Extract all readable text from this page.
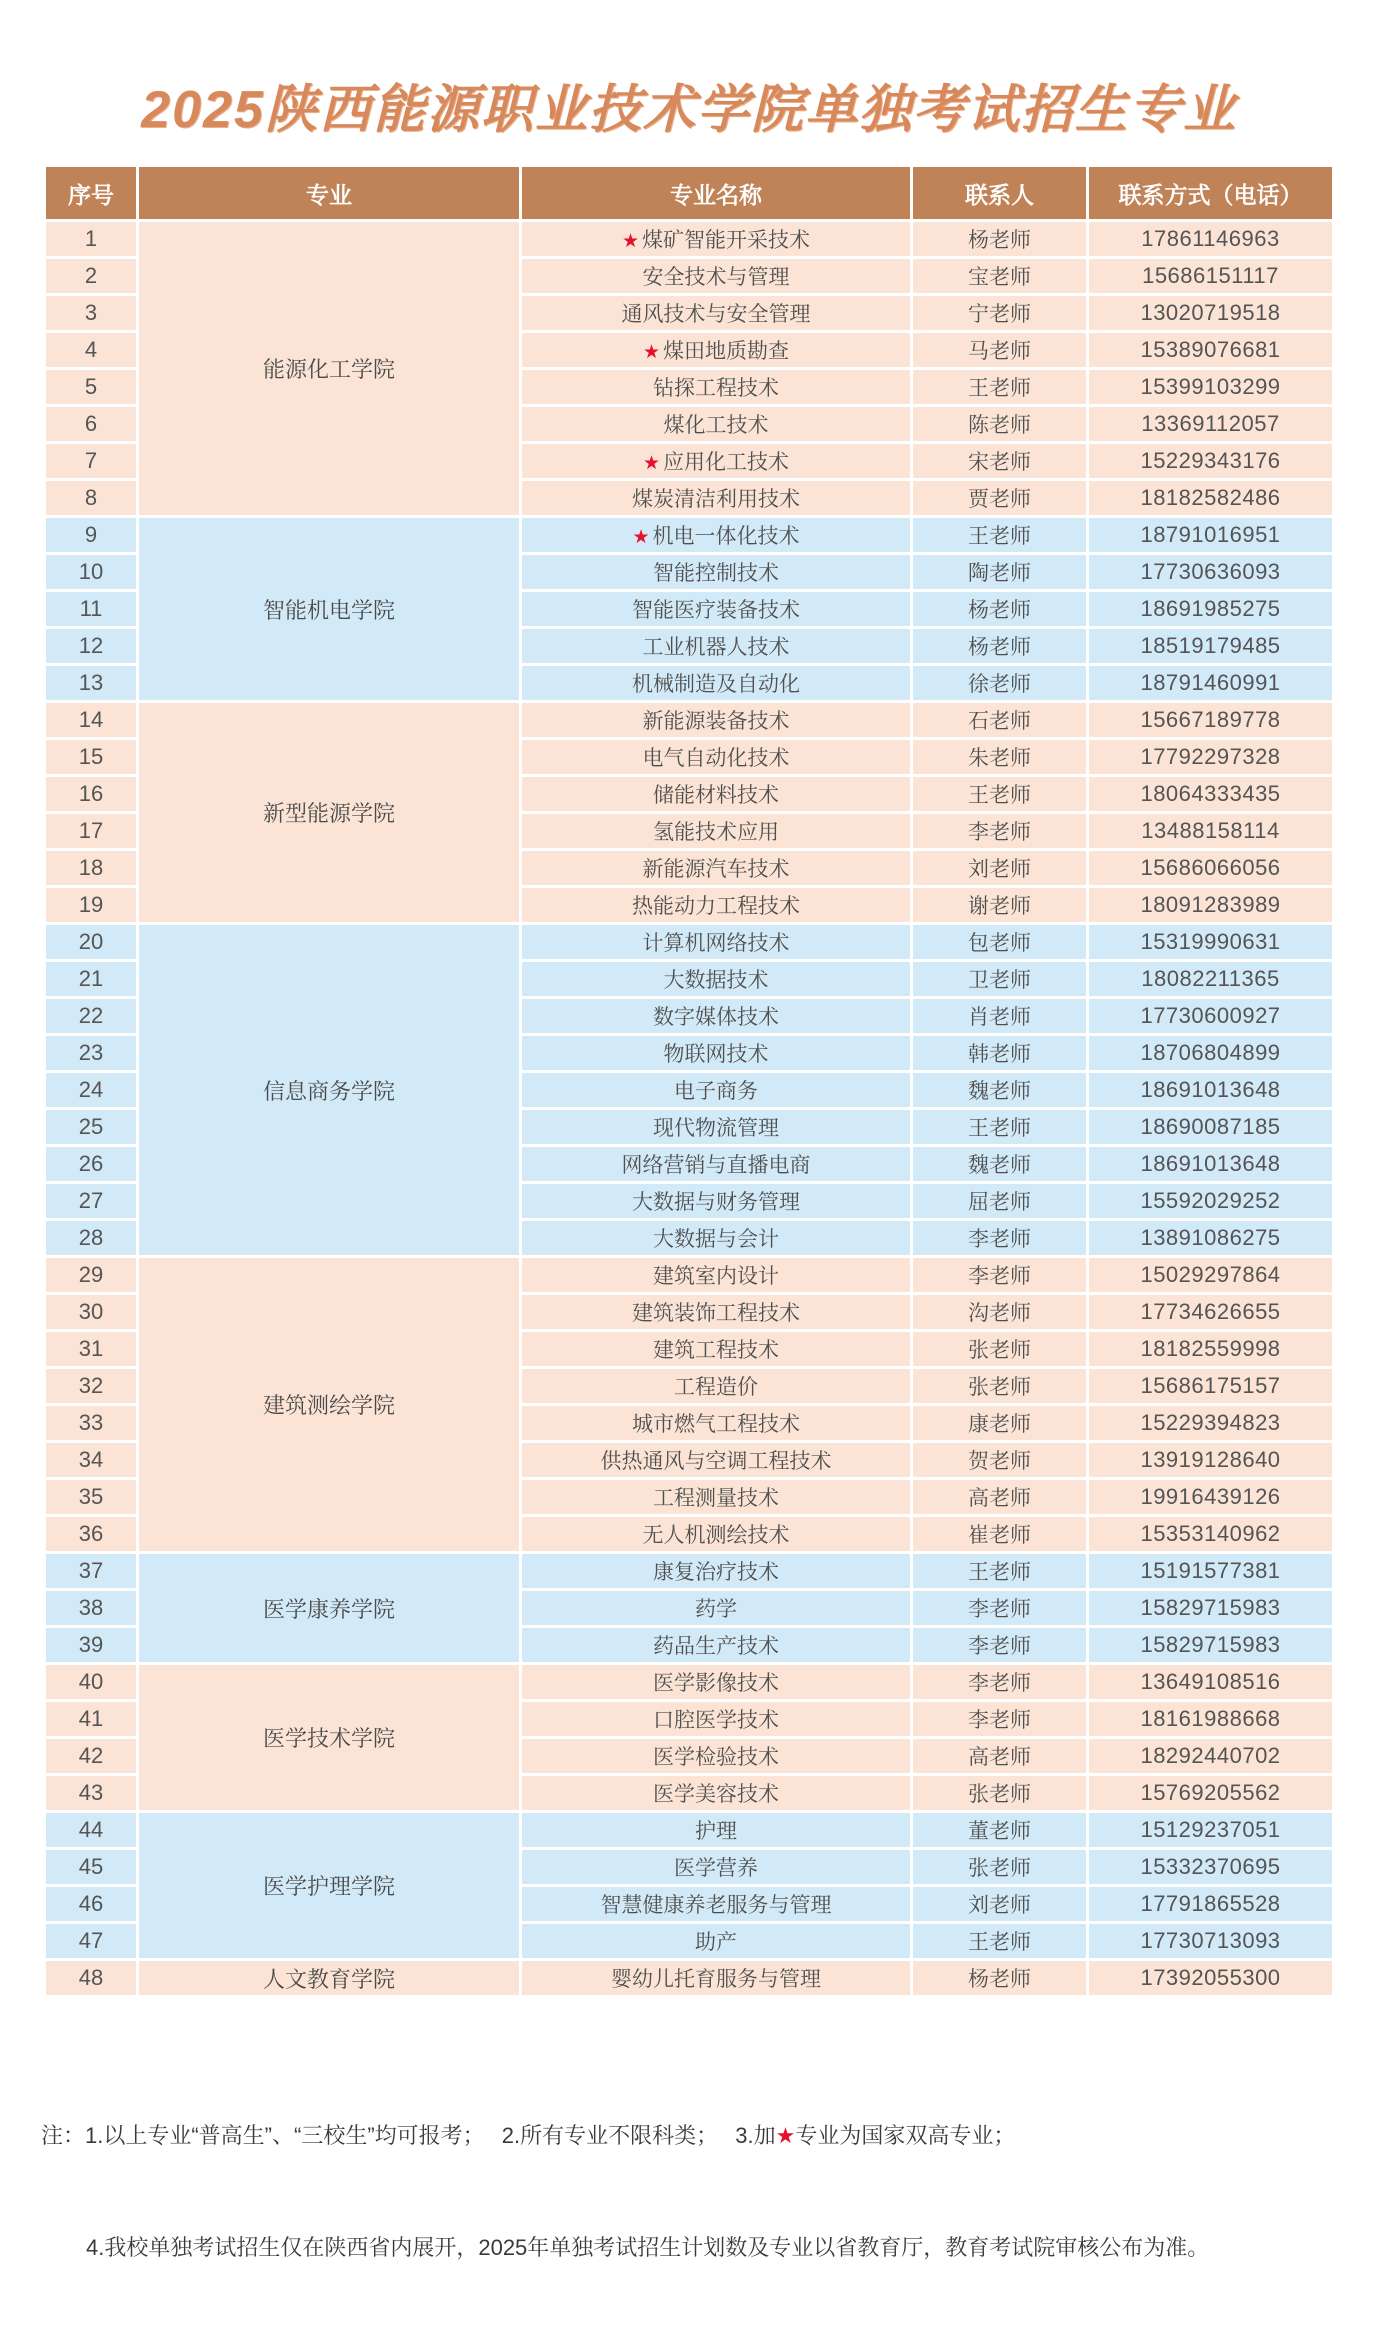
2025陕西能源职业技术学院单独考试招生专业
序号	专业	专业名称	联系人	联系方式（电话）
1	能源化工学院	★ 煤矿智能开采技术	杨老师	17861146963
2		安全技术与管理	宝老师	15686151117
3		通风技术与安全管理	宁老师	13020719518
4		★ 煤田地质勘查	马老师	15389076681
5		钻探工程技术	王老师	15399103299
6		煤化工技术	陈老师	13369112057
7		★ 应用化工技术	宋老师	15229343176
8		煤炭清洁利用技术	贾老师	18182582486
9	智能机电学院	★ 机电一体化技术	王老师	18791016951
10		智能控制技术	陶老师	17730636093
11		智能医疗装备技术	杨老师	18691985275
12		工业机器人技术	杨老师	18519179485
13		机械制造及自动化	徐老师	18791460991
14	新型能源学院	新能源装备技术	石老师	15667189778
15		电气自动化技术	朱老师	17792297328
16		储能材料技术	王老师	18064333435
17		氢能技术应用	李老师	13488158114
18		新能源汽车技术	刘老师	15686066056
19		热能动力工程技术	谢老师	18091283989
20	信息商务学院	计算机网络技术	包老师	15319990631
21		大数据技术	卫老师	18082211365
22		数字媒体技术	肖老师	17730600927
23		物联网技术	韩老师	18706804899
24		电子商务	魏老师	18691013648
25		现代物流管理	王老师	18690087185
26		网络营销与直播电商	魏老师	18691013648
27		大数据与财务管理	屈老师	15592029252
28		大数据与会计	李老师	13891086275
29	建筑测绘学院	建筑室内设计	李老师	15029297864
30		建筑装饰工程技术	沟老师	17734626655
31		建筑工程技术	张老师	18182559998
32		工程造价	张老师	15686175157
33		城市燃气工程技术	康老师	15229394823
34		供热通风与空调工程技术	贺老师	13919128640
35		工程测量技术	高老师	19916439126
36		无人机测绘技术	崔老师	15353140962
37	医学康养学院	康复治疗技术	王老师	15191577381
38		药学	李老师	15829715983
39		药品生产技术	李老师	15829715983
40	医学技术学院	医学影像技术	李老师	13649108516
41		口腔医学技术	李老师	18161988668
42		医学检验技术	高老师	18292440702
43		医学美容技术	张老师	15769205562
44	医学护理学院	护理	董老师	15129237051
45		医学营养	张老师	15332370695
46		智慧健康养老服务与管理	刘老师	17791865528
47		助产	王老师	17730713093
48	人文教育学院	婴幼儿托育服务与管理	杨老师	17392055300

注：1.以上专业“普高生”、“三校生”均可报考；　 2.所有专业不限科类；　 3.加★专业为国家双高专业；

4.我校单独考试招生仅在陕西省内展开，2025年单独考试招生计划数及专业以省教育厅，教育考试院审核公布为准。
